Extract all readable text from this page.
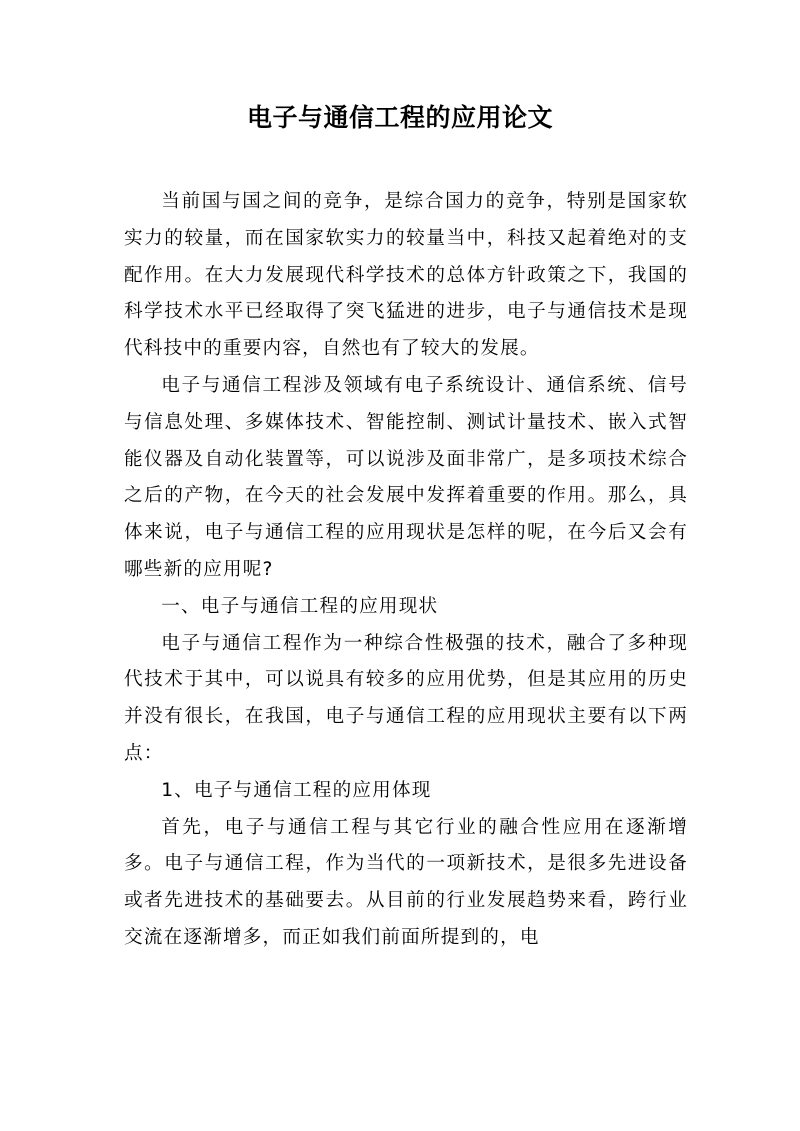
电子与通信工程的应用论文

当前国与国之间的竞争，是综合国力的竞争，特别是国家软实力的较量，而在国家软实力的较量当中，科技又起着绝对的支配作用。在大力发展现代科学技术的总体方针政策之下，我国的科学技术水平已经取得了突飞猛进的进步，电子与通信技术是现代科技中的重要内容，自然也有了较大的发展。

电子与通信工程涉及领域有电子系统设计、通信系统、信号与信息处理、多媒体技术、智能控制、测试计量技术、嵌入式智能仪器及自动化装置等，可以说涉及面非常广，是多项技术综合之后的产物，在今天的社会发展中发挥着重要的作用。那么，具体来说，电子与通信工程的应用现状是怎样的呢，在今后又会有哪些新的应用呢?

一、电子与通信工程的应用现状

电子与通信工程作为一种综合性极强的技术，融合了多种现代技术于其中，可以说具有较多的应用优势，但是其应用的历史并没有很长，在我国，电子与通信工程的应用现状主要有以下两点：

1、电子与通信工程的应用体现

首先，电子与通信工程与其它行业的融合性应用在逐渐增多。电子与通信工程，作为当代的一项新技术，是很多先进设备或者先进技术的基础要去。从目前的行业发展趋势来看，跨行业交流在逐渐增多，而正如我们前面所提到的，电
